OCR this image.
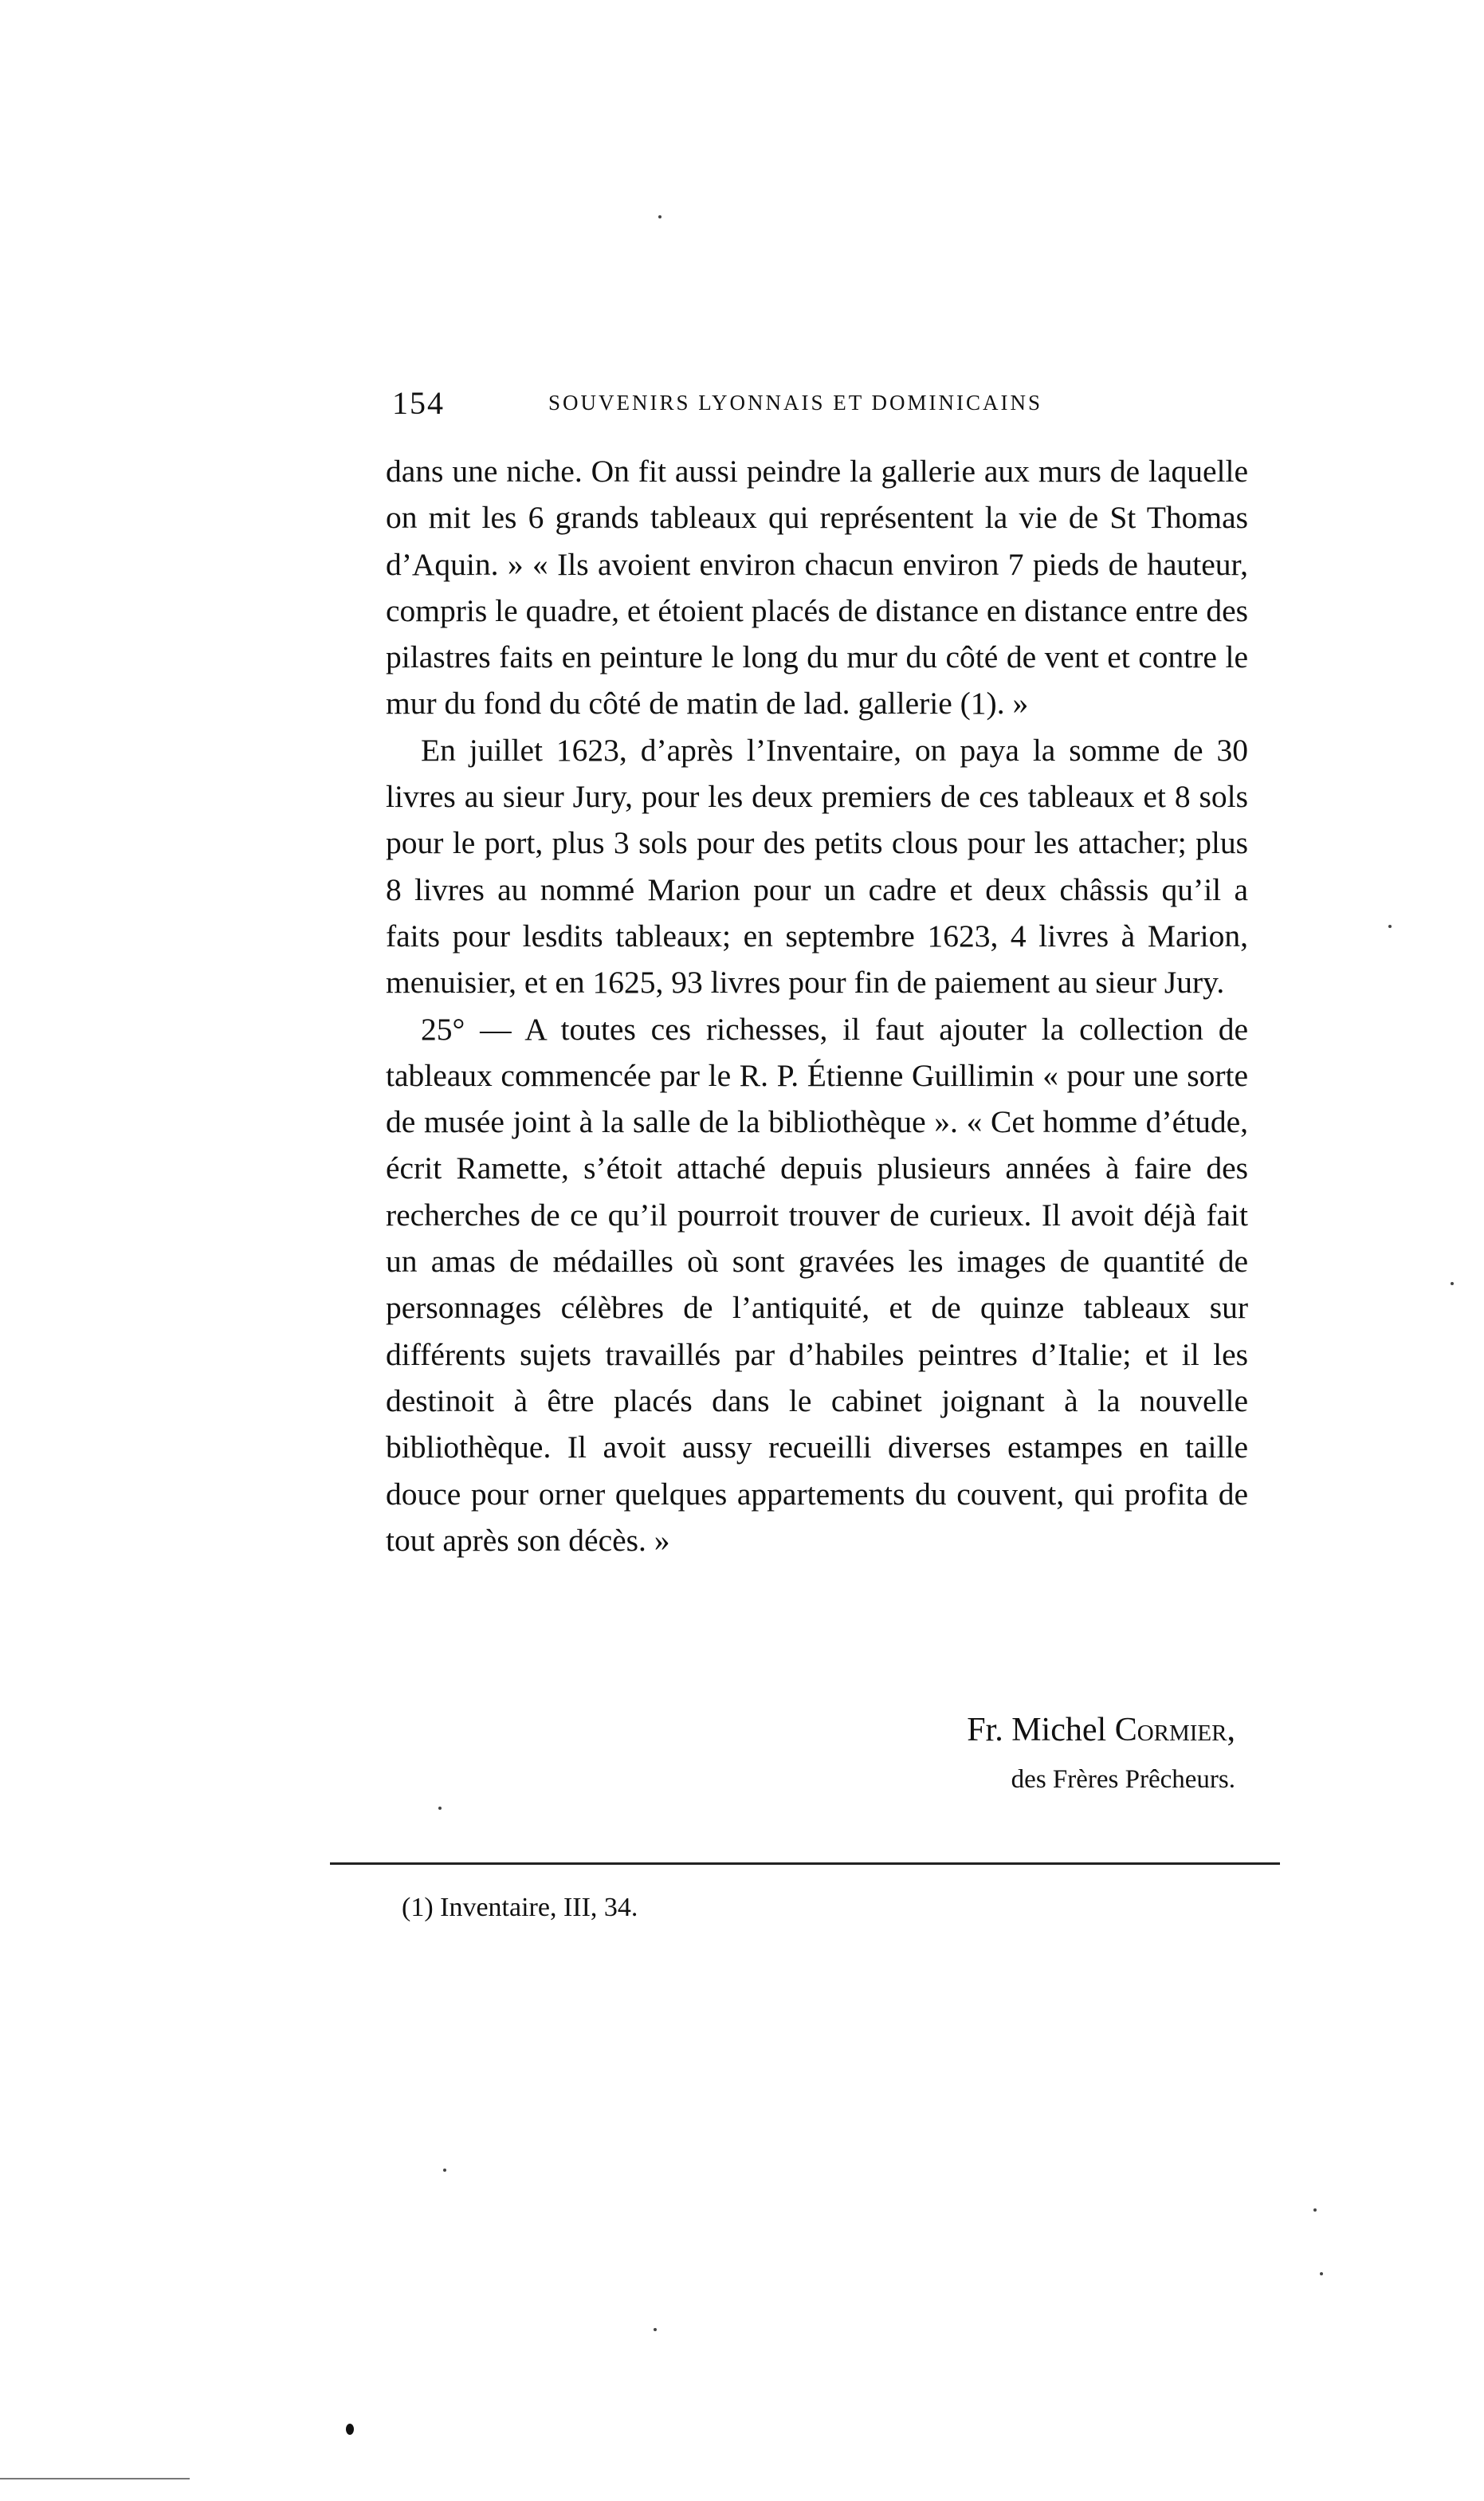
154	SOUVENIRS LYONNAIS ET DOMINICAINS

dans une niche. On fit aussi peindre la gallerie aux murs de laquelle on mit les 6 grands tableaux qui représentent la vie de St Thomas d’Aquin. » « Ils avoient environ chacun environ 7 pieds de hauteur, compris le quadre, et étoient placés de distance en distance entre des pilastres faits en peinture le long du mur du côté de vent et contre le mur du fond du côté de matin de lad. gallerie (1). »

En juillet 1623, d’après l’Inventaire, on paya la somme de 30 livres au sieur Jury, pour les deux premiers de ces tableaux et 8 sols pour le port, plus 3 sols pour des petits clous pour les attacher; plus 8 livres au nommé Marion pour un cadre et deux châssis qu’il a faits pour lesdits tableaux; en septembre 1623, 4 livres à Marion, menuisier, et en 1625, 93 livres pour fin de paiement au sieur Jury.

25° — A toutes ces richesses, il faut ajouter la collection de tableaux commencée par le R. P. Étienne Guillimin « pour une sorte de musée joint à la salle de la bibliothèque ». « Cet homme d’étude, écrit Ramette, s’étoit attaché depuis plusieurs années à faire des recherches de ce qu’il pourroit trouver de curieux. Il avoit déjà fait un amas de médailles où sont gravées les images de quantité de personnages célèbres de l’antiquité, et de quinze tableaux sur différents sujets travaillés par d’habiles peintres d’Italie; et il les destinoit à être placés dans le cabinet joignant à la nouvelle bibliothèque. Il avoit aussy recueilli diverses estampes en taille douce pour orner quelques appartements du couvent, qui profita de tout après son décès. »

Fr. Michel Cormier,
des Frères Prêcheurs.
(1) Inventaire, III, 34.
